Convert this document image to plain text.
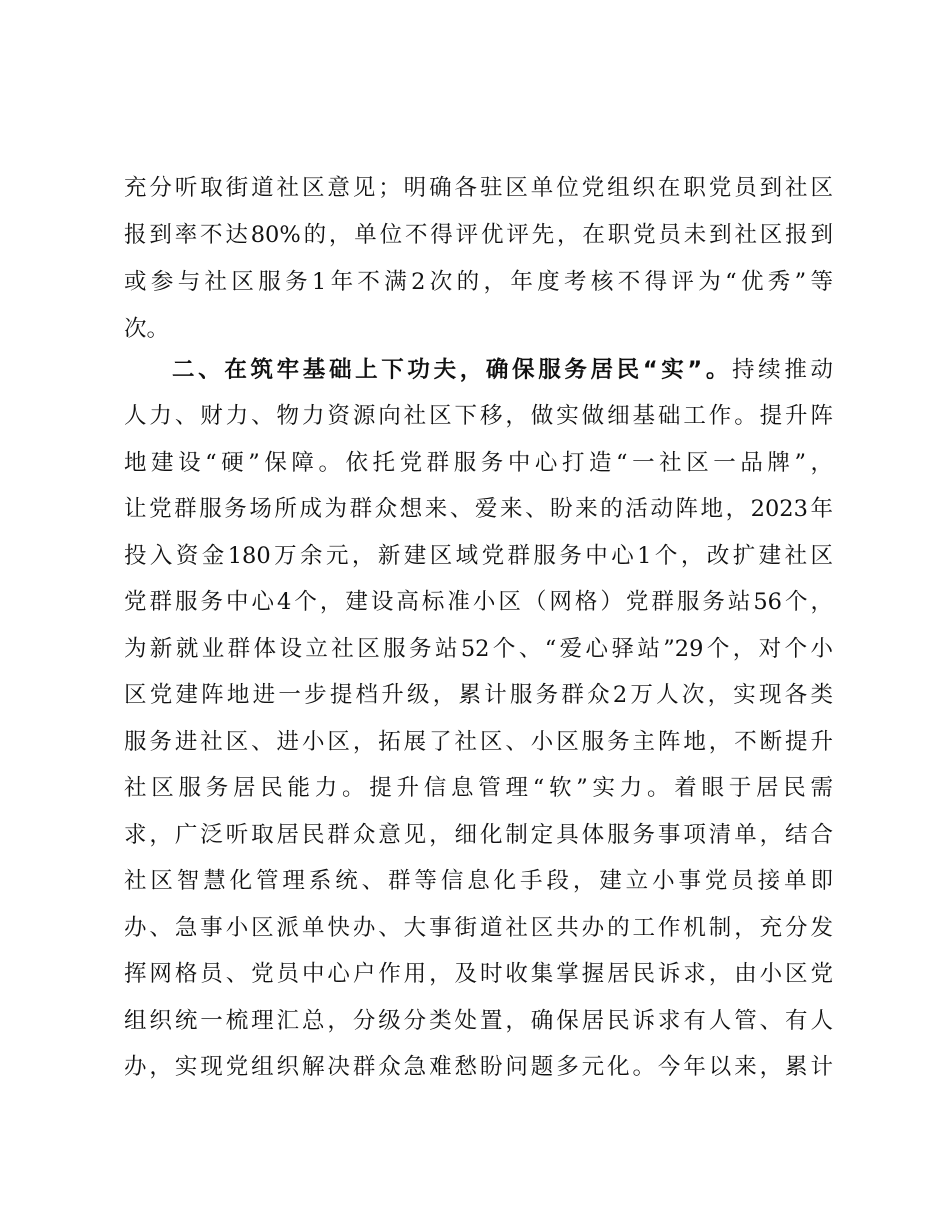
充分听取街道社区意见；明确各驻区单位党组织在职党员到社区
报到率不达80%的，单位不得评优评先，在职党员未到社区报到
或参与社区服务1年不满2次的，年度考核不得评为“优秀”等
次。
二、在筑牢基础上下功夫，确保服务居民“实”。持续推动
人力、财力、物力资源向社区下移，做实做细基础工作。提升阵
地建设“硬”保障。依托党群服务中心打造“一社区一品牌”，
让党群服务场所成为群众想来、爱来、盼来的活动阵地，2023年
投入资金180万余元，新建区域党群服务中心1个，改扩建社区
党群服务中心4个，建设高标准小区（网格）党群服务站56个，
为新就业群体设立社区服务站52个、“爱心驿站”29个，对个小
区党建阵地进一步提档升级，累计服务群众2万人次，实现各类
服务进社区、进小区，拓展了社区、小区服务主阵地，不断提升
社区服务居民能力。提升信息管理“软”实力。着眼于居民需
求，广泛听取居民群众意见，细化制定具体服务事项清单，结合
社区智慧化管理系统、群等信息化手段，建立小事党员接单即
办、急事小区派单快办、大事街道社区共办的工作机制，充分发
挥网格员、党员中心户作用，及时收集掌握居民诉求，由小区党
组织统一梳理汇总，分级分类处置，确保居民诉求有人管、有人
办，实现党组织解决群众急难愁盼问题多元化。今年以来，累计
